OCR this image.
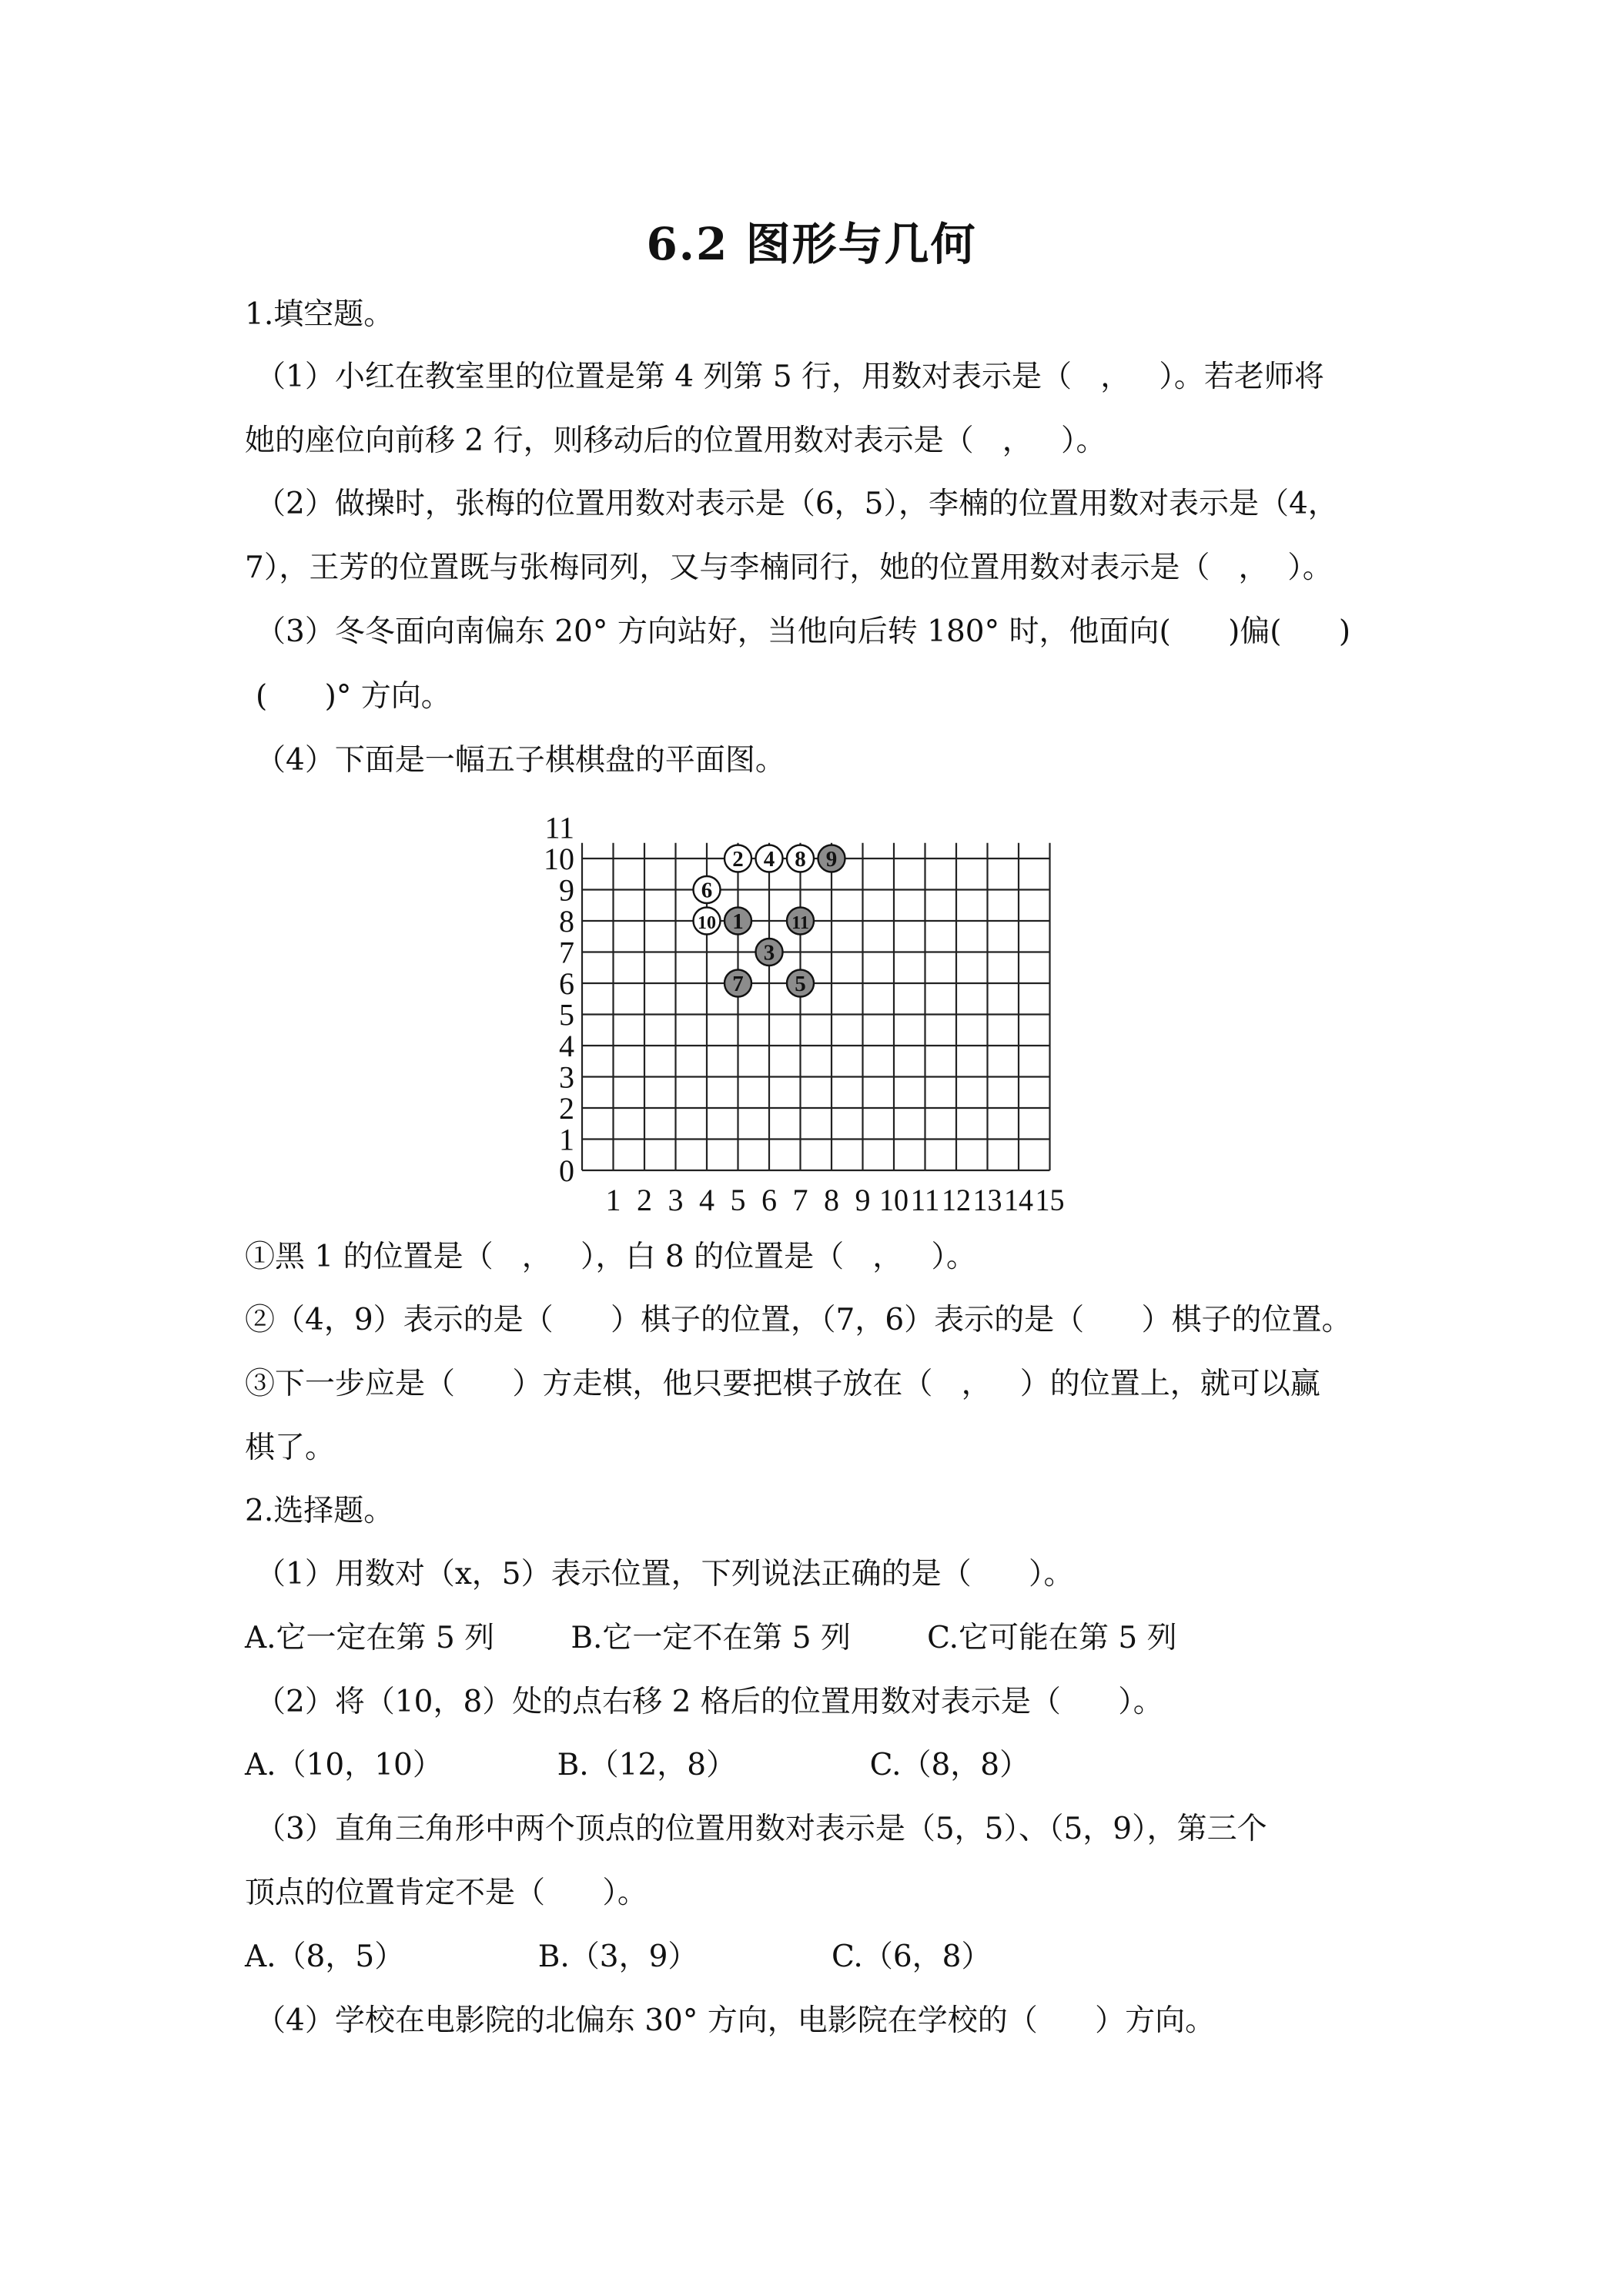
6.2 图形与几何
1.填空题。
（1）小红在教室里的位置是第 4 列第 5 行，用数对表示是（   ，   ）。若老师将
她的座位向前移 2 行，则移动后的位置用数对表示是（   ，   ）。
（2）做操时，张梅的位置用数对表示是（6，5），李楠的位置用数对表示是（4，
7），王芳的位置既与张梅同列，又与李楠同行，她的位置用数对表示是（   ，  ）。
（3）冬冬面向南偏东 20° 方向站好，当他向后转 180° 时，他面向(      )偏(      )
(      )° 方向。
（4）下面是一幅五子棋棋盘的平面图。
0
1
2
3
4
5
6
7
8
9
10
11
1 2 3 4 5 6 7 8 9 10 11 12 13 14 15
1
2
3
4
5
6
7
8 9
10	11
①黑 1 的位置是（   ，   ），白 8 的位置是（   ，   ）。
②（4，9）表示的是（      ）棋子的位置，（7，6）表示的是（      ）棋子的位置。
③下一步应是（      ）方走棋，他只要把棋子放在（   ，   ）的位置上，就可以赢
棋了。
2.选择题。
（1）用数对（x，5）表示位置，下列说法正确的是（      ）。
A.它一定在第 5 列        B.它一定不在第 5 列        C.它可能在第 5 列
（2）将（10，8）处的点右移 2 格后的位置用数对表示是（      ）。
A.（10，10）            B.（12，8）              C.（8，8）
（3）直角三角形中两个顶点的位置用数对表示是（5，5）、（5，9），第三个
顶点的位置肯定不是（      ）。
A.（8，5）              B.（3，9）              C.（6，8）
（4）学校在电影院的北偏东 30° 方向，电影院在学校的（      ）方向。
